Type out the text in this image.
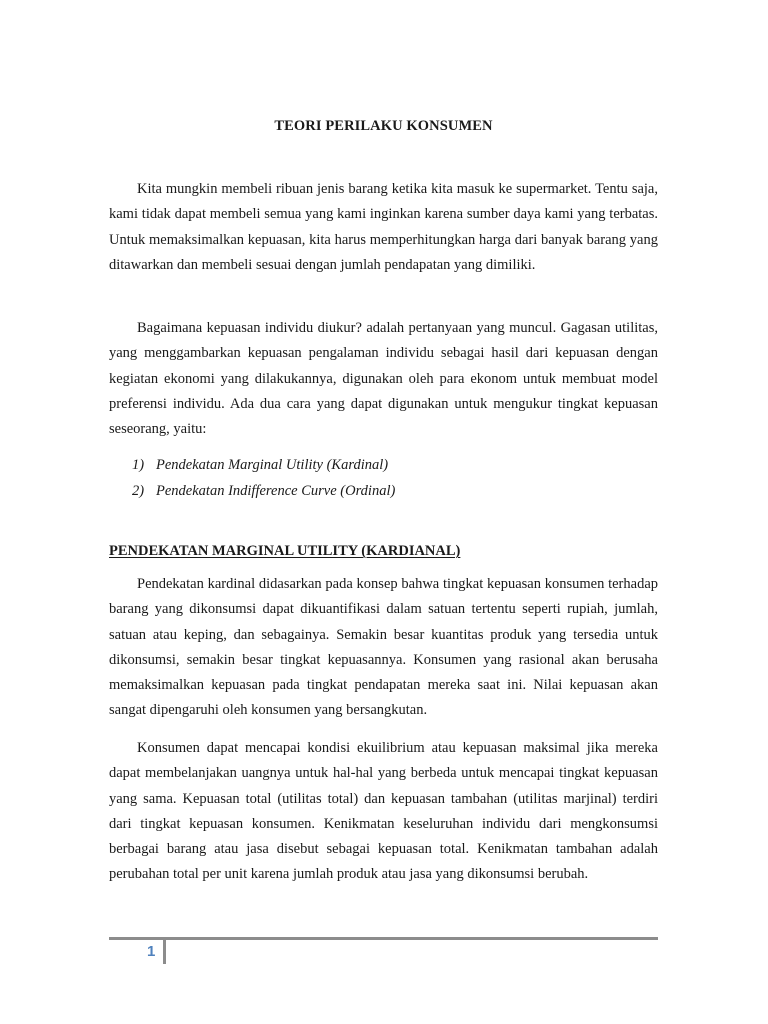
TEORI PERILAKU KONSUMEN

Kita mungkin membeli ribuan jenis barang ketika kita masuk ke supermarket. Tentu saja, kami tidak dapat membeli semua yang kami inginkan karena sumber daya kami yang terbatas. Untuk memaksimalkan kepuasan, kita harus memperhitungkan harga dari banyak barang yang ditawarkan dan membeli sesuai dengan jumlah pendapatan yang dimiliki.

Bagaimana kepuasan individu diukur? adalah pertanyaan yang muncul. Gagasan utilitas, yang menggambarkan kepuasan pengalaman individu sebagai hasil dari kepuasan dengan kegiatan ekonomi yang dilakukannya, digunakan oleh para ekonom untuk membuat model preferensi individu. Ada dua cara yang dapat digunakan untuk mengukur tingkat kepuasan seseorang, yaitu:

1) Pendekatan Marginal Utility (Kardinal)
2) Pendekatan Indifference Curve (Ordinal)
PENDEKATAN MARGINAL UTILITY (KARDIANAL)

Pendekatan kardinal didasarkan pada konsep bahwa tingkat kepuasan konsumen terhadap barang yang dikonsumsi dapat dikuantifikasi dalam satuan tertentu seperti rupiah, jumlah, satuan atau keping, dan sebagainya. Semakin besar kuantitas produk yang tersedia untuk dikonsumsi, semakin besar tingkat kepuasannya. Konsumen yang rasional akan berusaha memaksimalkan kepuasan pada tingkat pendapatan mereka saat ini. Nilai kepuasan akan sangat dipengaruhi oleh konsumen yang bersangkutan.

Konsumen dapat mencapai kondisi ekuilibrium atau kepuasan maksimal jika mereka dapat membelanjakan uangnya untuk hal-hal yang berbeda untuk mencapai tingkat kepuasan yang sama. Kepuasan total (utilitas total) dan kepuasan tambahan (utilitas marjinal) terdiri dari tingkat kepuasan konsumen. Kenikmatan keseluruhan individu dari mengkonsumsi berbagai barang atau jasa disebut sebagai kepuasan total. Kenikmatan tambahan adalah perubahan total per unit karena jumlah produk atau jasa yang dikonsumsi berubah.

1
